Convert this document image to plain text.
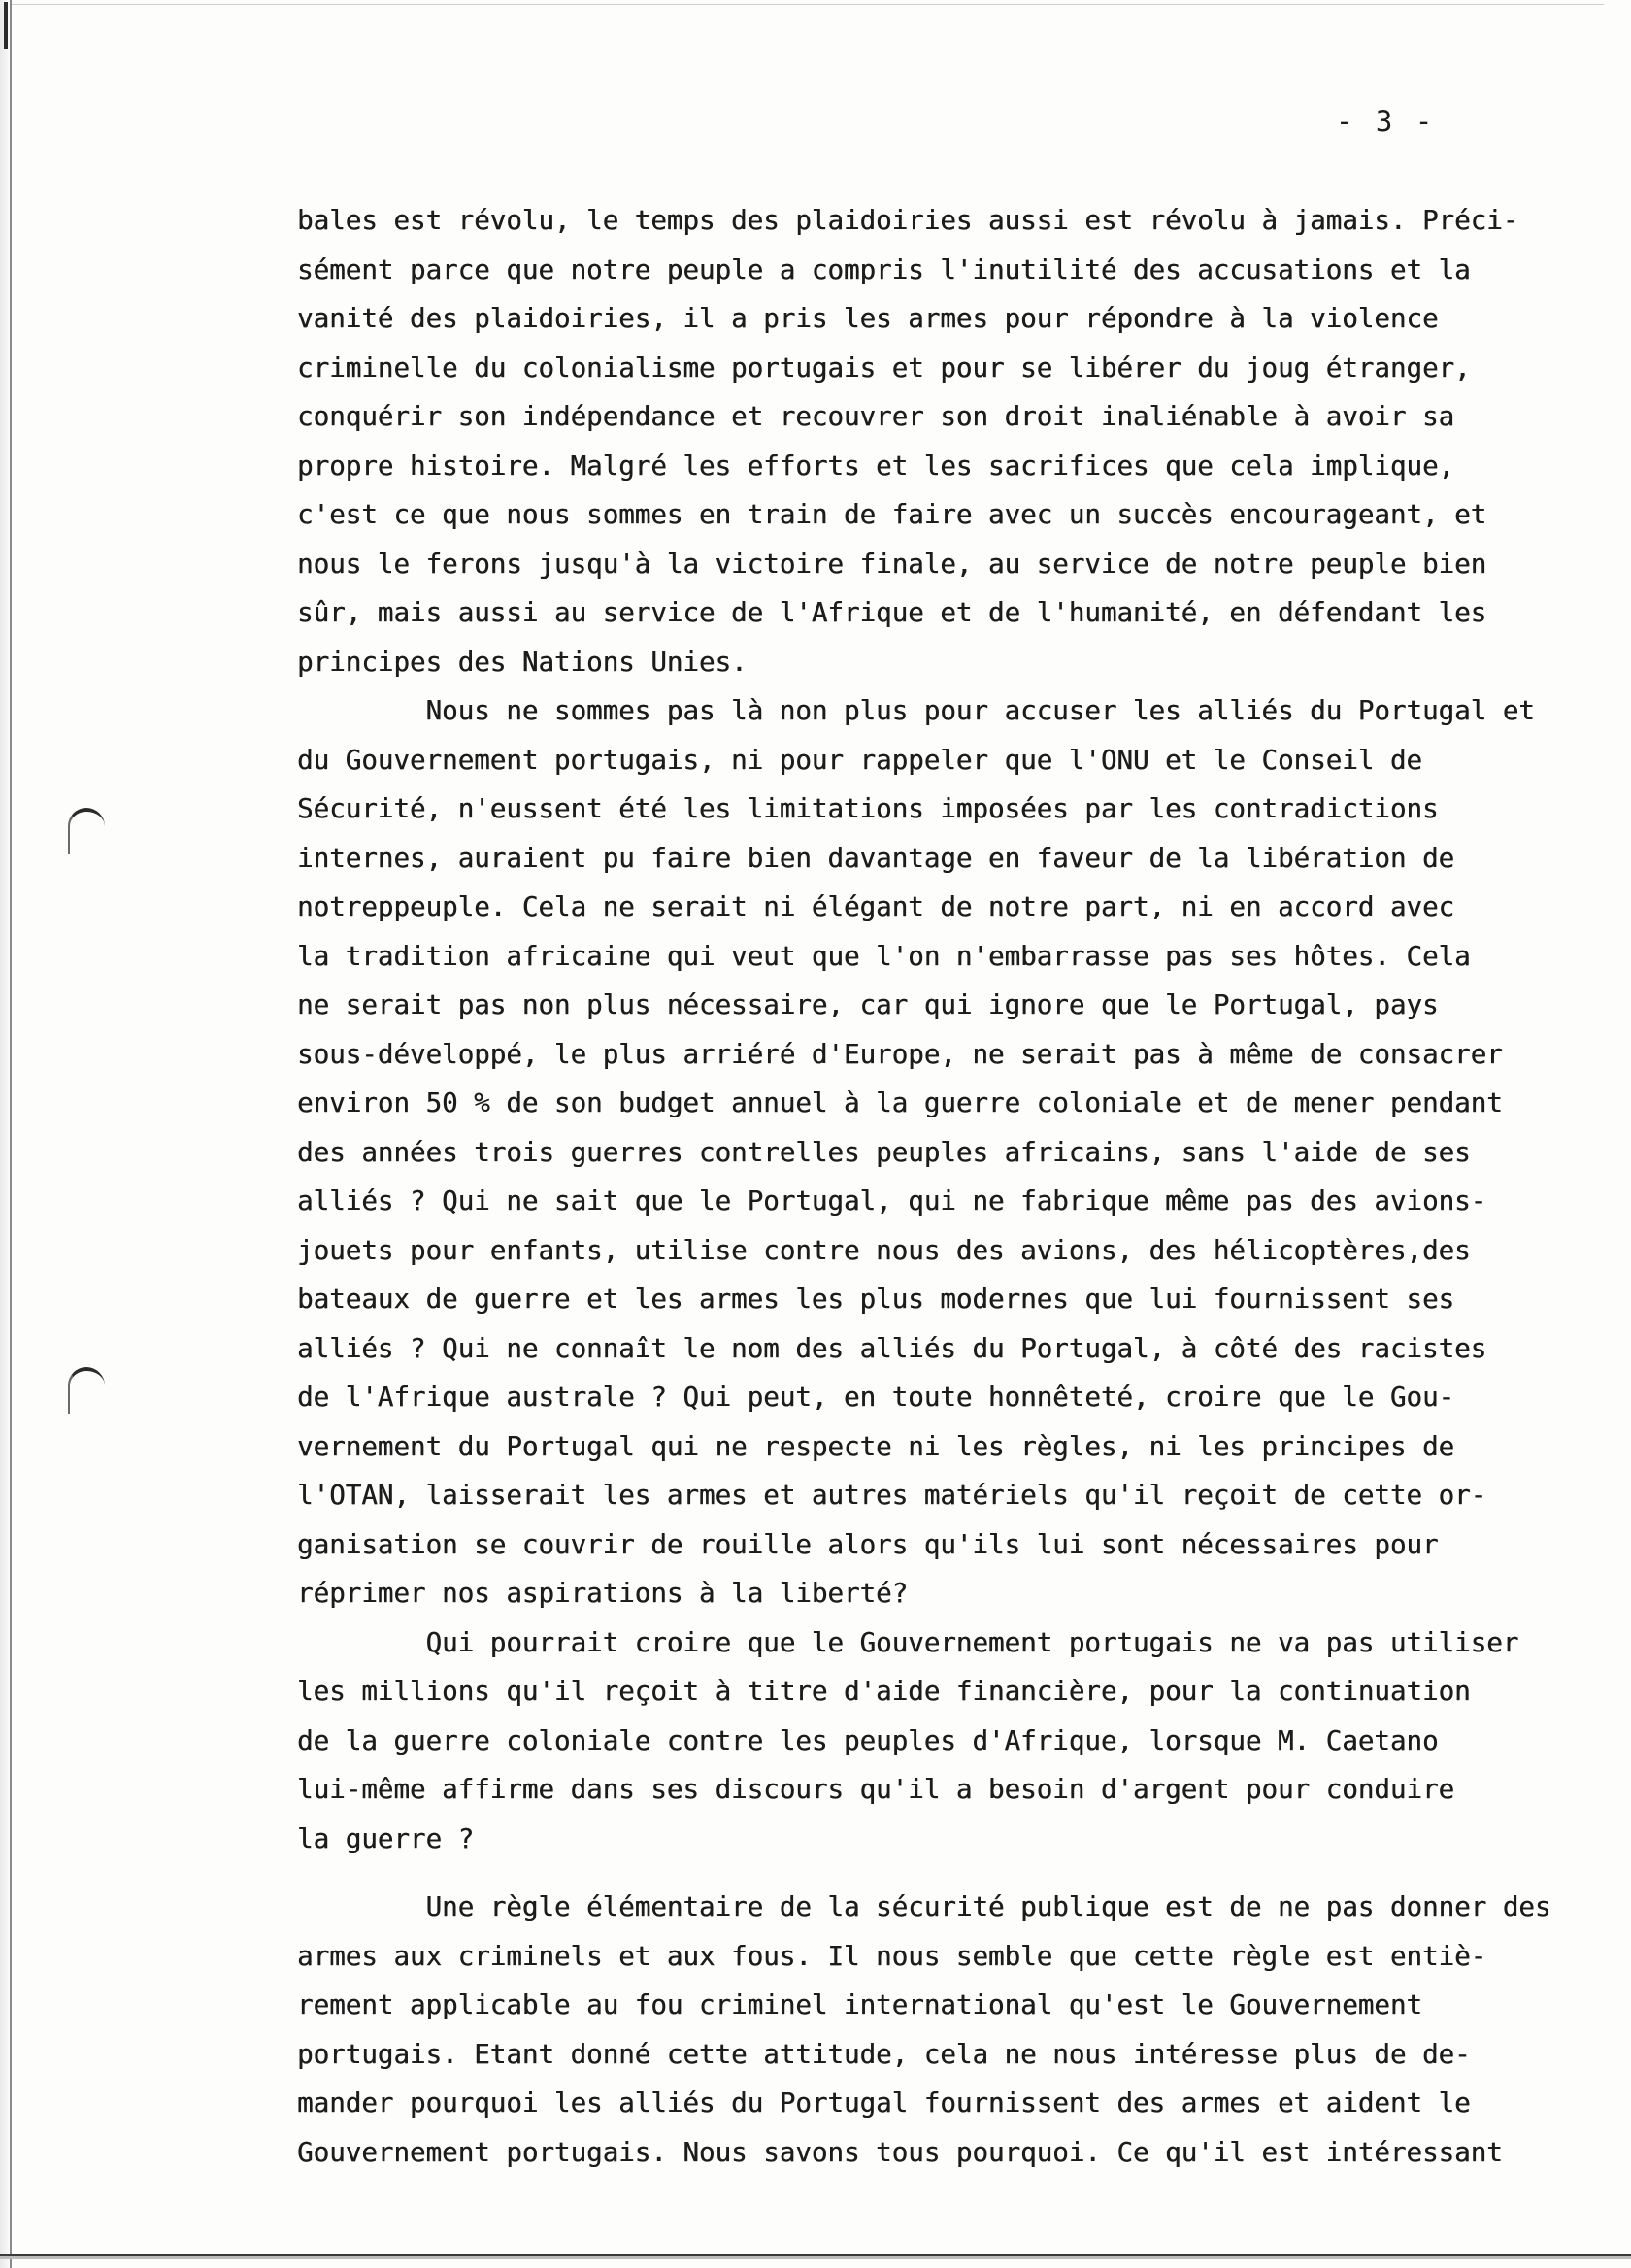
- 3 -
bales est révolu, le temps des plaidoiries aussi est révolu à jamais. Préci-
sément parce que notre peuple a compris l'inutilité des accusations et la
vanité des plaidoiries, il a pris les armes pour répondre à la violence
criminelle du colonialisme portugais et pour se libérer du joug étranger,
conquérir son indépendance et recouvrer son droit inaliénable à avoir sa
propre histoire. Malgré les efforts et les sacrifices que cela implique,
c'est ce que nous sommes en train de faire avec un succès encourageant, et
nous le ferons jusqu'à la victoire finale, au service de notre peuple bien
sûr, mais aussi au service de l'Afrique et de l'humanité, en défendant les
principes des Nations Unies.
Nous ne sommes pas là non plus pour accuser les alliés du Portugal et
du Gouvernement portugais, ni pour rappeler que l'ONU et le Conseil de
Sécurité, n'eussent été les limitations imposées par les contradictions
internes, auraient pu faire bien davantage en faveur de la libération de
notreppeuple. Cela ne serait ni élégant de notre part, ni en accord avec
la tradition africaine qui veut que l'on n'embarrasse pas ses hôtes. Cela
ne serait pas non plus nécessaire, car qui ignore que le Portugal, pays
sous-développé, le plus arriéré d'Europe, ne serait pas à même de consacrer
environ 50 % de son budget annuel à la guerre coloniale et de mener pendant
des années trois guerres contrelles peuples africains, sans l'aide de ses
alliés ? Qui ne sait que le Portugal, qui ne fabrique même pas des avions-
jouets pour enfants, utilise contre nous des avions, des hélicoptères,des
bateaux de guerre et les armes les plus modernes que lui fournissent ses
alliés ? Qui ne connaît le nom des alliés du Portugal, à côté des racistes
de l'Afrique australe ? Qui peut, en toute honnêteté, croire que le Gou-
vernement du Portugal qui ne respecte ni les règles, ni les principes de
l'OTAN, laisserait les armes et autres matériels qu'il reçoit de cette or-
ganisation se couvrir de rouille alors qu'ils lui sont nécessaires pour
réprimer nos aspirations à la liberté?
Qui pourrait croire que le Gouvernement portugais ne va pas utiliser
les millions qu'il reçoit à titre d'aide financière, pour la continuation
de la guerre coloniale contre les peuples d'Afrique, lorsque M. Caetano
lui-même affirme dans ses discours qu'il a besoin d'argent pour conduire
la guerre ?
Une règle élémentaire de la sécurité publique est de ne pas donner des
armes aux criminels et aux fous. Il nous semble que cette règle est entiè-
rement applicable au fou criminel international qu'est le Gouvernement
portugais. Etant donné cette attitude, cela ne nous intéresse plus de de-
mander pourquoi les alliés du Portugal fournissent des armes et aident le
Gouvernement portugais. Nous savons tous pourquoi. Ce qu'il est intéressant
